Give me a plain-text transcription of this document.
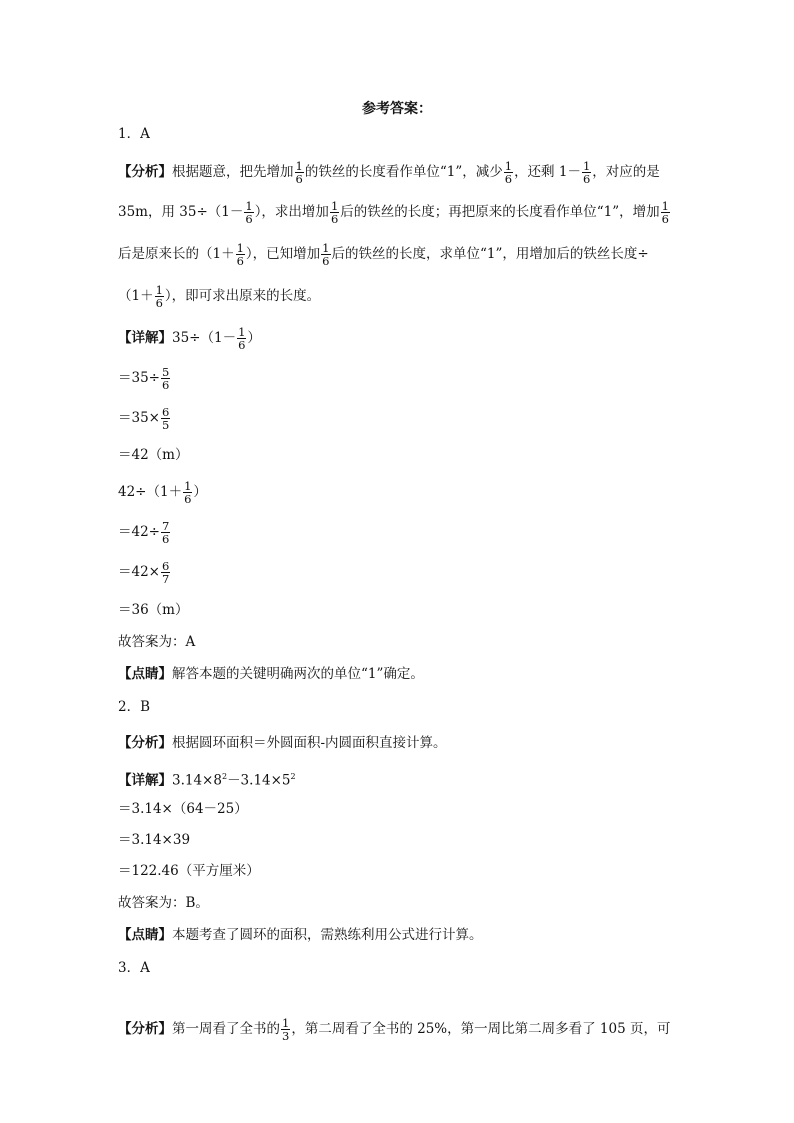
参考答案：
1．A
【分析】根据题意，把先增加 $\frac{1}{6}$ 的铁丝的长度看作单位“1”，减少 $\frac{1}{6}$ ，还剩 $1- \frac{1}{6}$ ，对应的是
35m，用 $35\div(1- \frac{1}{6}$ ），求出增加 $\frac{1}{6}$ 后的铁丝的长度；再把原来的长度看作单位“1”，增加 $\frac{1}{6}$
后是原来长的（$1+ \frac{1}{6}$ ），已知增加 $\frac{1}{6}$ 后的铁丝的长度，求单位“1”，用增加后的铁丝长度÷
（$1+ \frac{1}{6}$ ），即可求出原来的长度。
【详解】$35\div(1- \frac{1}{6}$ ）
$=35\div \frac{5}{6}$
$=35\times \frac{6}{5}$
＝42（m）
$42\div(1+ \frac{1}{6}$ ）
$=42\div \frac{7}{6}$
$=42\times \frac{6}{7}$
＝36（m）
故答案为：A
【点睛】解答本题的关键明确两次的单位“1”确定。
2．B
【分析】根据圆环面积＝外圆面积-内圆面积直接计算。
【详解】$3.14\times 8^2-3.14\times 5^2$
＝3.14×（64－25）
＝3.14×39
＝122.46（平方厘米）
故答案为：B。
【点睛】本题考查了圆环的面积，需熟练利用公式进行计算。
3．A
【分析】第一周看了全书的 $\frac{1}{3}$ ，第二周看了全书的 25%，第一周比第二周多看了 105 页，可
